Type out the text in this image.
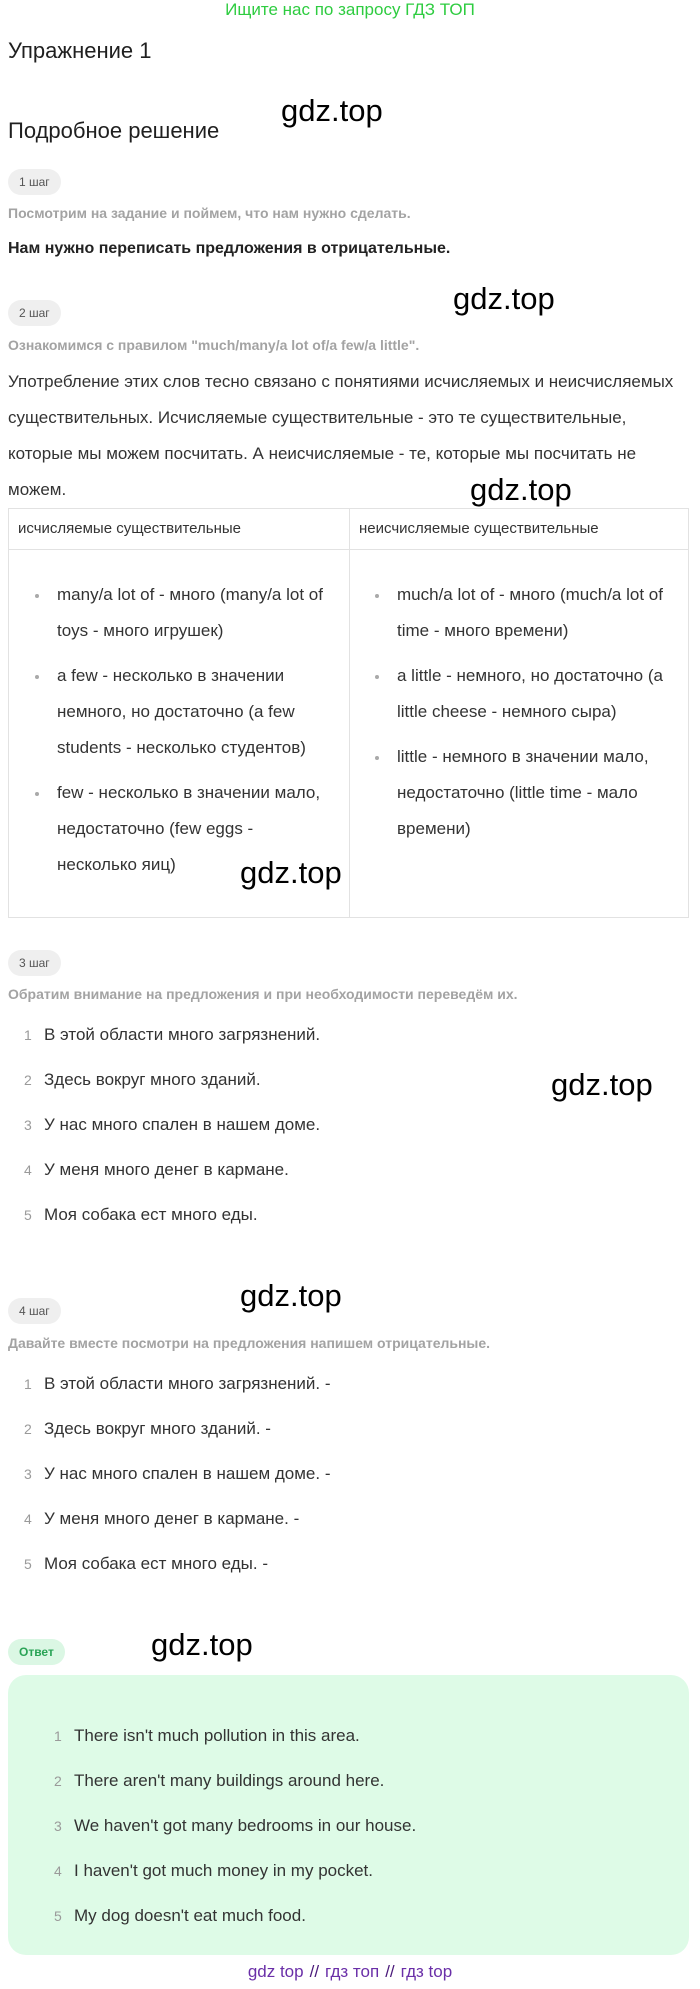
Ищите нас по запросу ГДЗ ТОП
Упражнение 1
Подробное решение
gdz.top
gdz.top
gdz.top
gdz.top
gdz.top
gdz.top
gdz.top
1 шаг
Посмотрим на задание и поймем, что нам нужно сделать.
Нам нужно переписать предложения в отрицательные.
2 шаг
Ознакомимся с правилом "much/many/a lot of/a few/a little".
Употребление этих слов тесно связано с понятиями исчисляемых и неисчисляемых существительных. Исчисляемые существительные - это те существительные, которые мы можем посчитать. А неисчисляемые - те, которые мы посчитать не можем.
исчисляемые существительные	неисчисляемые существительные
many/a lot of - много (many/a lot of toys - много игрушек)
a few - несколько в значении немного, но достаточно (a few students - несколько студентов)
few - несколько в значении мало, недостаточно (few eggs - несколько яиц)
much/a lot of - много (much/a lot of time - много времени)
a little - немного, но достаточно (a little cheese - немного сыра)
little - немного в значении мало, недостаточно (little time - мало времени)
3 шаг
Обратим внимание на предложения и при необходимости переведём их.
1 В этой области много загрязнений.
2 Здесь вокруг много зданий.
3 У нас много спален в нашем доме.
4 У меня много денег в кармане.
5 Моя собака ест много еды.
4 шаг
Давайте вместе посмотри на предложения напишем отрицательные.
1 В этой области много загрязнений. -
2 Здесь вокруг много зданий. -
3 У нас много спален в нашем доме. -
4 У меня много денег в кармане. -
5 Моя собака ест много еды. -
Ответ
1 There isn't much pollution in this area.
2 There aren't many buildings around here.
3 We haven't got many bedrooms in our house.
4 I haven't got much money in my pocket.
5 My dog doesn't eat much food.
gdz top // гдз топ // гдз top
